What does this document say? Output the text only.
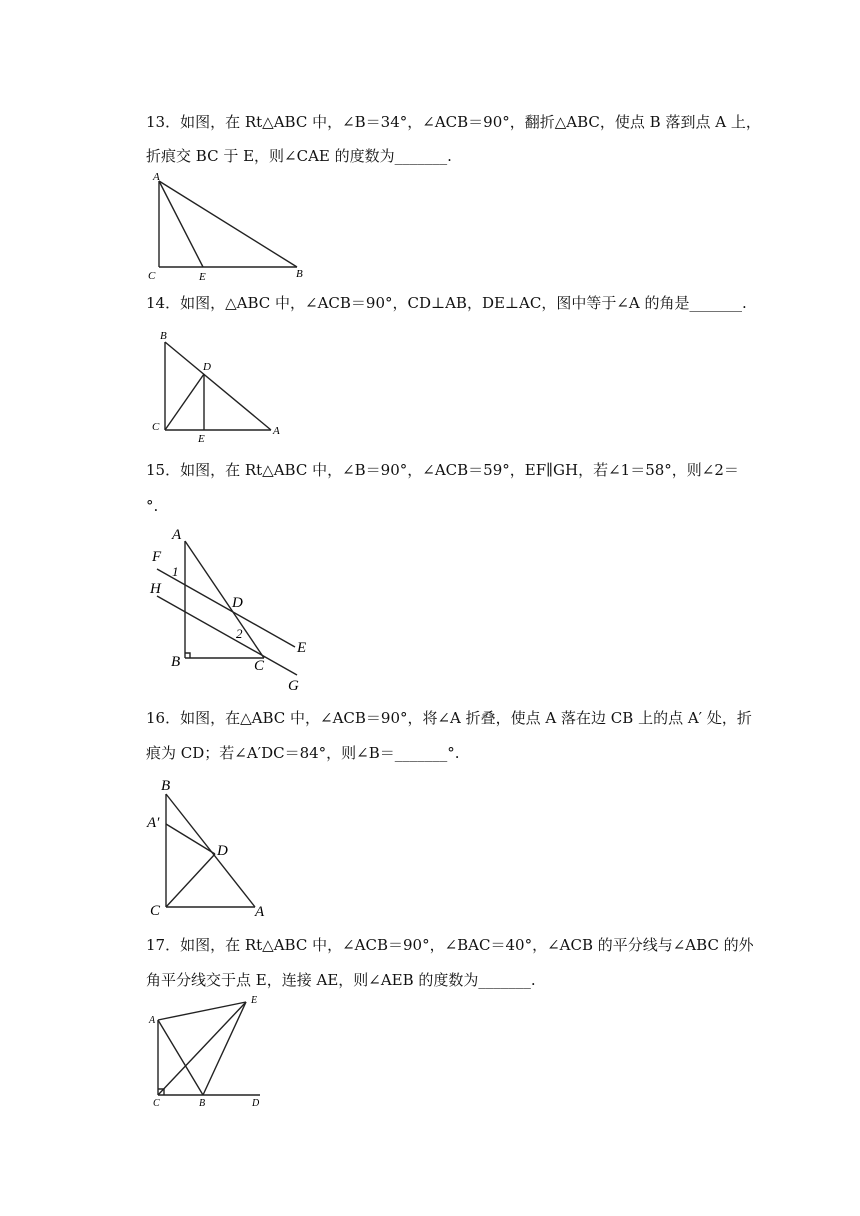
13．如图，在 Rt△ABC 中，∠B＝34°，∠ACB＝90°，翻折△ABC，使点 B 落到点 A 上，
折痕交 BC 于 E，则∠CAE 的度数为_______.
A
C	E	B
14．如图，△ABC 中，∠ACB＝90°，CD⊥AB，DE⊥AC，图中等于∠A 的角是_______.
B
D
C
E
A
15．如图，在 Rt△ABC 中，∠B＝90°，∠ACB＝59°，EF∥GH，若∠1＝58°，则∠2＝
°.
A
F
1
H
D
2
E
B	C
G
16．如图，在△ABC 中，∠ACB＝90°，将∠A 折叠，使点 A 落在边 CB 上的点 A′ 处，折
痕为 CD；若∠A′DC＝84°，则∠B＝_______°.
B
A′
D
C	A
17．如图，在 Rt△ABC 中，∠ACB＝90°，∠BAC＝40°，∠ACB 的平分线与∠ABC 的外
角平分线交于点 E，连接 AE，则∠AEB 的度数为_______.
A
E
C	B	D
